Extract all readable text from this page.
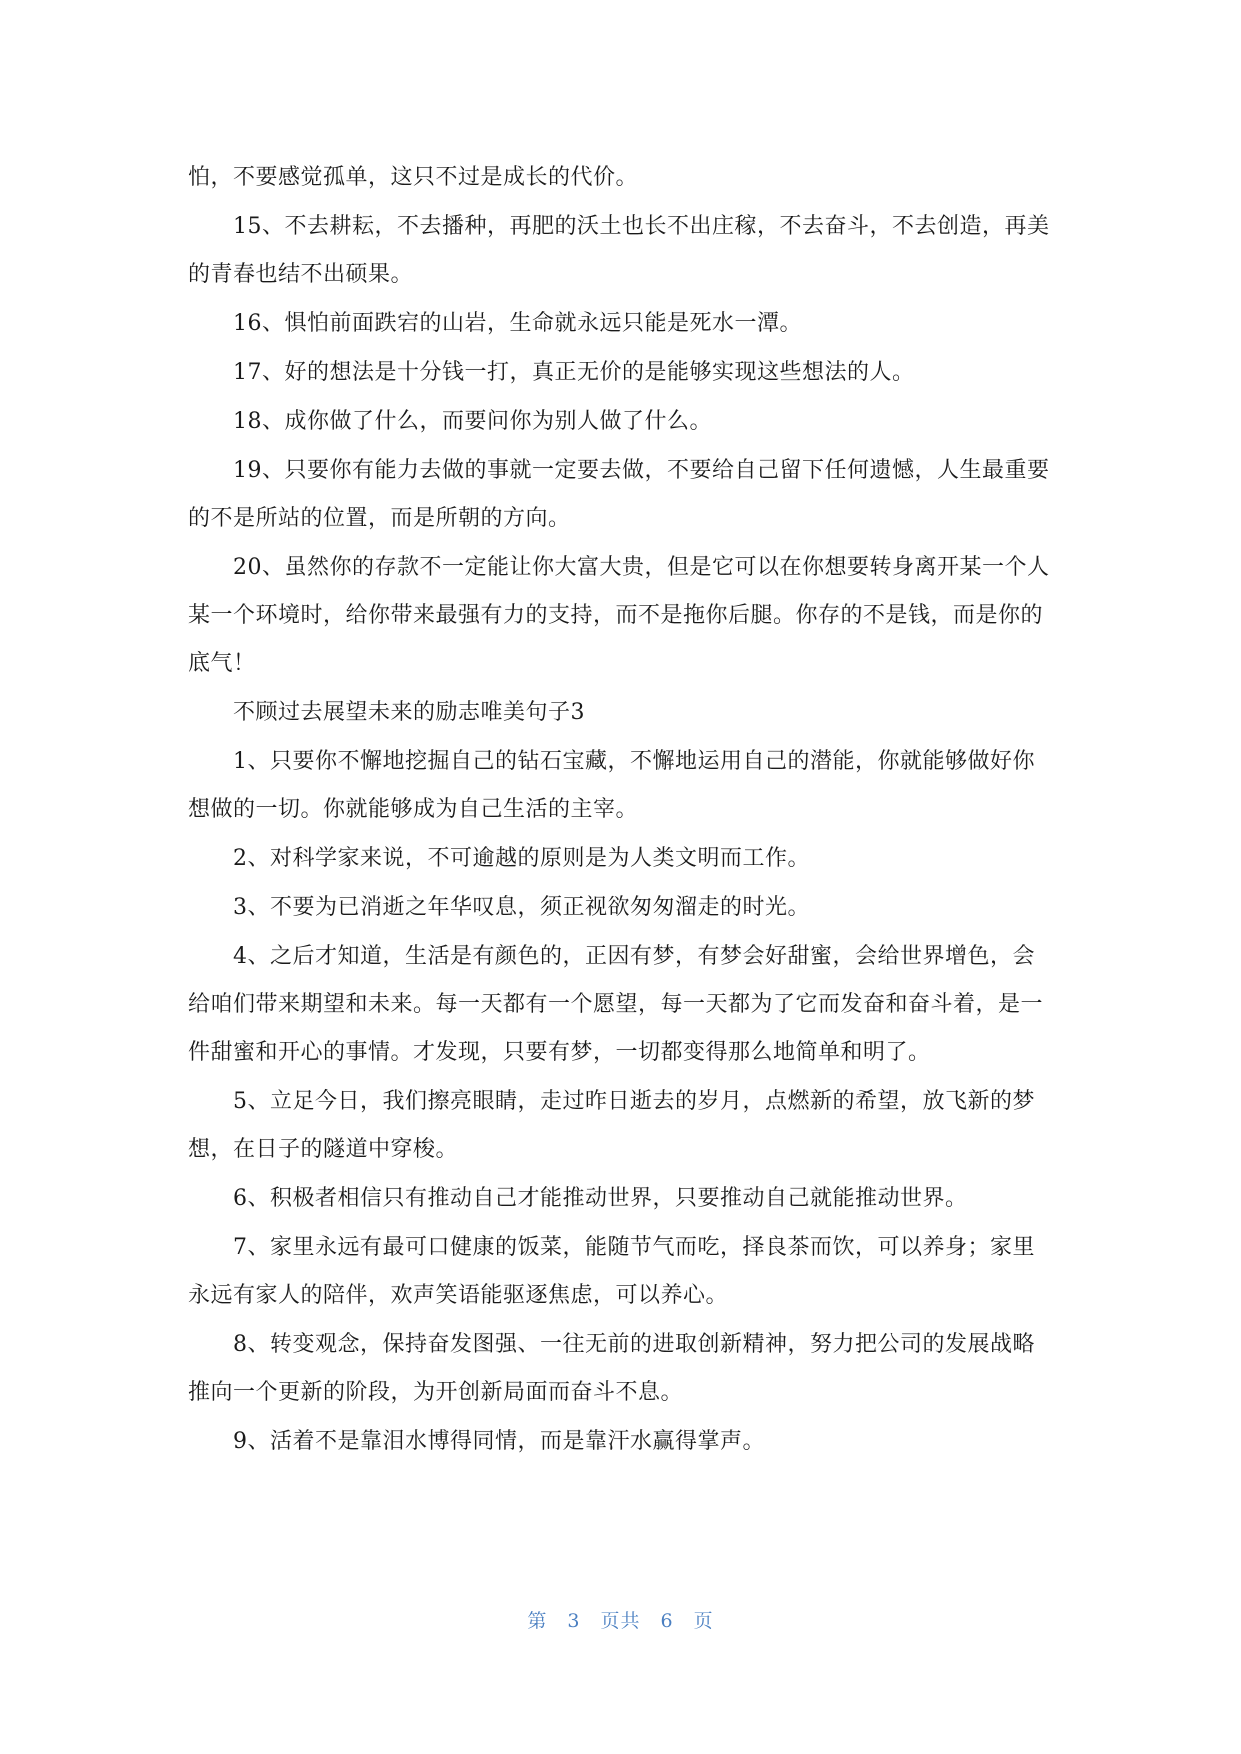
怕，不要感觉孤单，这只不过是成长的代价。

15、不去耕耘，不去播种，再肥的沃土也长不出庄稼，不去奋斗，不去创造，再美的青春也结不出硕果。

16、惧怕前面跌宕的山岩，生命就永远只能是死水一潭。

17、好的想法是十分钱一打，真正无价的是能够实现这些想法的人。

18、成你做了什么，而要问你为别人做了什么。

19、只要你有能力去做的事就一定要去做，不要给自己留下任何遗憾，人生最重要的不是所站的位置，而是所朝的方向。

20、虽然你的存款不一定能让你大富大贵，但是它可以在你想要转身离开某一个人某一个环境时，给你带来最强有力的支持，而不是拖你后腿。你存的不是钱，而是你的底气！

不顾过去展望未来的励志唯美句子3

1、只要你不懈地挖掘自己的钻石宝藏，不懈地运用自己的潜能，你就能够做好你想做的一切。你就能够成为自己生活的主宰。

2、对科学家来说，不可逾越的原则是为人类文明而工作。

3、不要为已消逝之年华叹息，须正视欲匆匆溜走的时光。

4、之后才知道，生活是有颜色的，正因有梦，有梦会好甜蜜，会给世界增色，会给咱们带来期望和未来。每一天都有一个愿望，每一天都为了它而发奋和奋斗着，是一件甜蜜和开心的事情。才发现，只要有梦，一切都变得那么地简单和明了。

5、立足今日，我们擦亮眼睛，走过昨日逝去的岁月，点燃新的希望，放飞新的梦想，在日子的隧道中穿梭。

6、积极者相信只有推动自己才能推动世界，只要推动自己就能推动世界。

7、家里永远有最可口健康的饭菜，能随节气而吃，择良茶而饮，可以养身；家里永远有家人的陪伴，欢声笑语能驱逐焦虑，可以养心。

8、转变观念，保持奋发图强、一往无前的进取创新精神，努力把公司的发展战略推向一个更新的阶段，为开创新局面而奋斗不息。

9、活着不是靠泪水博得同情，而是靠汗水赢得掌声。

第 3 页共 6 页
